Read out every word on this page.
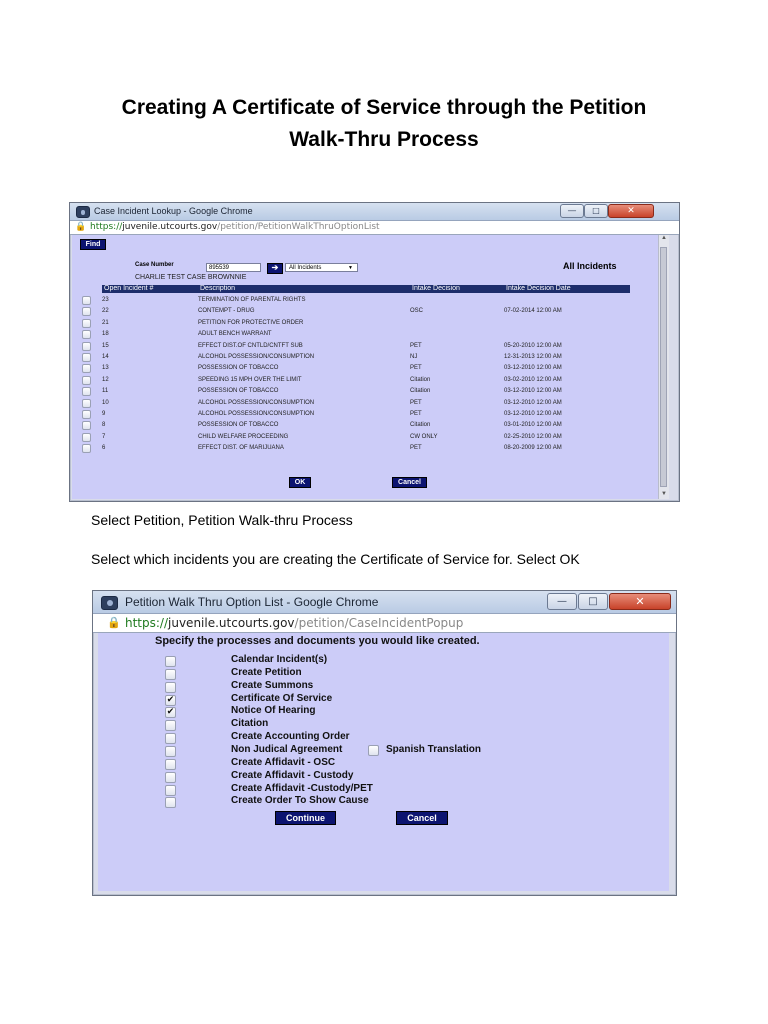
Creating A Certificate of Service through the Petition
Walk-Thru Process
Case Incident Lookup - Google Chrome	—	□	✕
🔒 https://juvenile.utcourts.gov/petition/PetitionWalkThruOptionList
Find
Case Number	895539	➔	All Incidents	▼	All Incidents
CHARLIE TEST CASE BROWNNIE
Open Incident #	Description	Intake Decision	Intake Decision Date
23	TERMINATION OF PARENTAL RIGHTS
22	CONTEMPT - DRUG	OSC	07-02-2014 12:00 AM
21	PETITION FOR PROTECTIVE ORDER
18	ADULT BENCH WARRANT
15	EFFECT DIST.OF CNTLD/CNTFT SUB	PET	05-20-2010 12:00 AM
14	ALCOHOL POSSESSION/CONSUMPTION	NJ	12-31-2013 12:00 AM
13	POSSESSION OF TOBACCO	PET	03-12-2010 12:00 AM
12	SPEEDING 15 MPH OVER THE LIMIT	Citation	03-02-2010 12:00 AM
11	POSSESSION OF TOBACCO	Citation	03-12-2010 12:00 AM
10	ALCOHOL POSSESSION/CONSUMPTION	PET	03-12-2010 12:00 AM
9	ALCOHOL POSSESSION/CONSUMPTION	PET	03-12-2010 12:00 AM
8	POSSESSION OF TOBACCO	Citation	03-01-2010 12:00 AM
7	CHILD WELFARE PROCEEDING	CW ONLY	02-25-2010 12:00 AM
6	EFFECT DIST. OF MARIJUANA	PET	08-20-2009 12:00 AM
OK	Cancel
▲
▼
Select Petition, Petition Walk-thru Process
Select which incidents you are creating the Certificate of Service for. Select OK
Petition Walk Thru Option List - Google Chrome	—	□	✕
🔒 https://juvenile.utcourts.gov/petition/CaseIncidentPopup
Specify the processes and documents you would like created.
Calendar Incident(s)
Create Petition
Create Summons
✔	Certificate Of Service
✔	Notice Of Hearing
Citation
Create Accounting Order
Non Judical Agreement	Spanish Translation
Create Affidavit - OSC
Create Affidavit - Custody
Create Affidavit -Custody/PET
Create Order To Show Cause
Continue	Cancel
